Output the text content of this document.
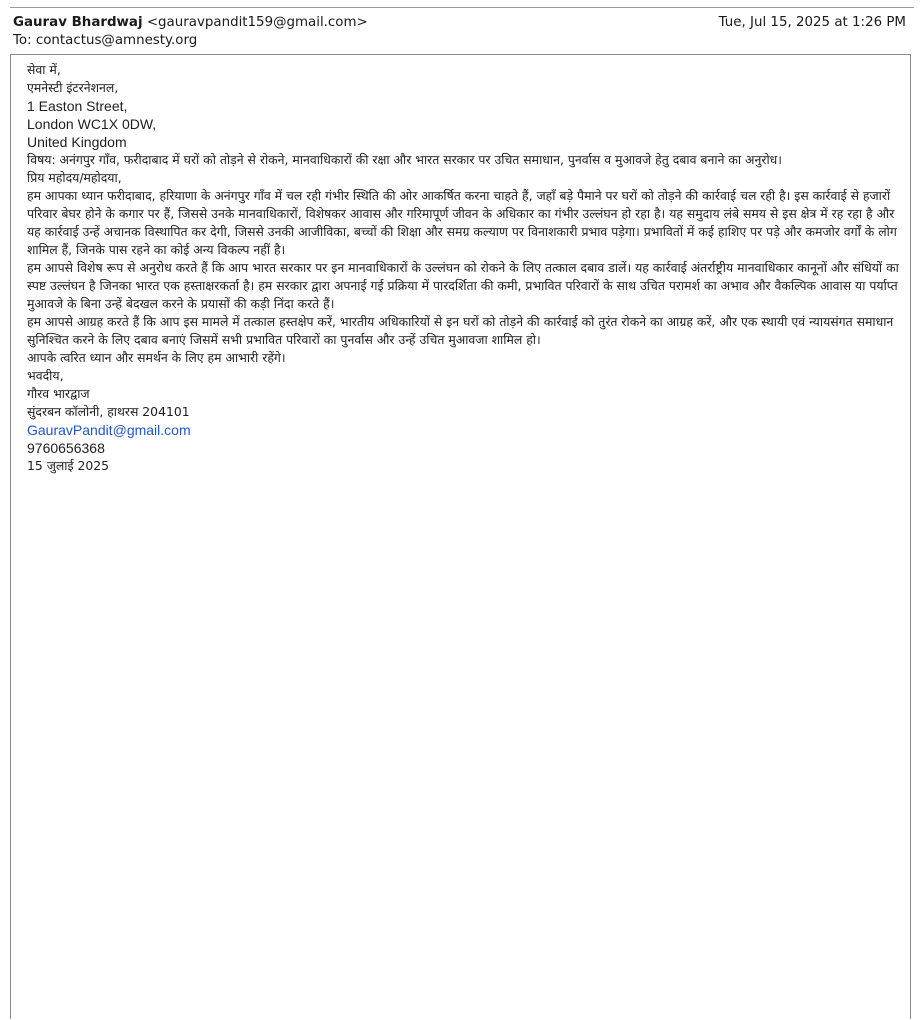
Gaurav Bhardwaj <gauravpandit159@gmail.com>	Tue, Jul 15, 2025 at 1:26 PM
To: contactus@amnesty.org
सेवा में,
एमनेस्टी इंटरनेशनल,
1 Easton Street,
London WC1X 0DW,
United Kingdom
विषय: अनंगपुर गाँव, फरीदाबाद में घरों को तोड़ने से रोकने, मानवाधिकारों की रक्षा और भारत सरकार पर उचित समाधान, पुनर्वास व मुआवजे हेतु दबाव बनाने का अनुरोध।
प्रिय महोदय/महोदया,
हम आपका ध्यान फरीदाबाद, हरियाणा के अनंगपुर गाँव में चल रही गंभीर स्थिति की ओर आकर्षित करना चाहते हैं, जहाँ बड़े पैमाने पर घरों को तोड़ने की कार्रवाई चल रही है। इस कार्रवाई से हजारों परिवार बेघर होने के कगार पर हैं, जिससे उनके मानवाधिकारों, विशेषकर आवास और गरिमापूर्ण जीवन के अधिकार का गंभीर उल्लंघन हो रहा है। यह समुदाय लंबे समय से इस क्षेत्र में रह रहा है और यह कार्रवाई उन्हें अचानक विस्थापित कर देगी, जिससे उनकी आजीविका, बच्चों की शिक्षा और समग्र कल्याण पर विनाशकारी प्रभाव पड़ेगा। प्रभावितों में कई हाशिए पर पड़े और कमजोर वर्गों के लोग शामिल हैं, जिनके पास रहने का कोई अन्य विकल्प नहीं है।
हम आपसे विशेष रूप से अनुरोध करते हैं कि आप भारत सरकार पर इन मानवाधिकारों के उल्लंघन को रोकने के लिए तत्काल दबाव डालें। यह कार्रवाई अंतर्राष्ट्रीय मानवाधिकार कानूनों और संधियों का स्पष्ट उल्लंघन है जिनका भारत एक हस्ताक्षरकर्ता है। हम सरकार द्वारा अपनाई गई प्रक्रिया में पारदर्शिता की कमी, प्रभावित परिवारों के साथ उचित परामर्श का अभाव और वैकल्पिक आवास या पर्याप्त मुआवजे के बिना उन्हें बेदखल करने के प्रयासों की कड़ी निंदा करते हैं।
हम आपसे आग्रह करते हैं कि आप इस मामले में तत्काल हस्तक्षेप करें, भारतीय अधिकारियों से इन घरों को तोड़ने की कार्रवाई को तुरंत रोकने का आग्रह करें, और एक स्थायी एवं न्यायसंगत समाधान सुनिश्चित करने के लिए दबाव बनाएं जिसमें सभी प्रभावित परिवारों का पुनर्वास और उन्हें उचित मुआवजा शामिल हो।
आपके त्वरित ध्यान और समर्थन के लिए हम आभारी रहेंगे।
भवदीय,
गौरव भारद्वाज
सुंदरबन कॉलोनी, हाथरस 204101
GauravPandit@gmail.com
9760656368
15 जुलाई 2025
